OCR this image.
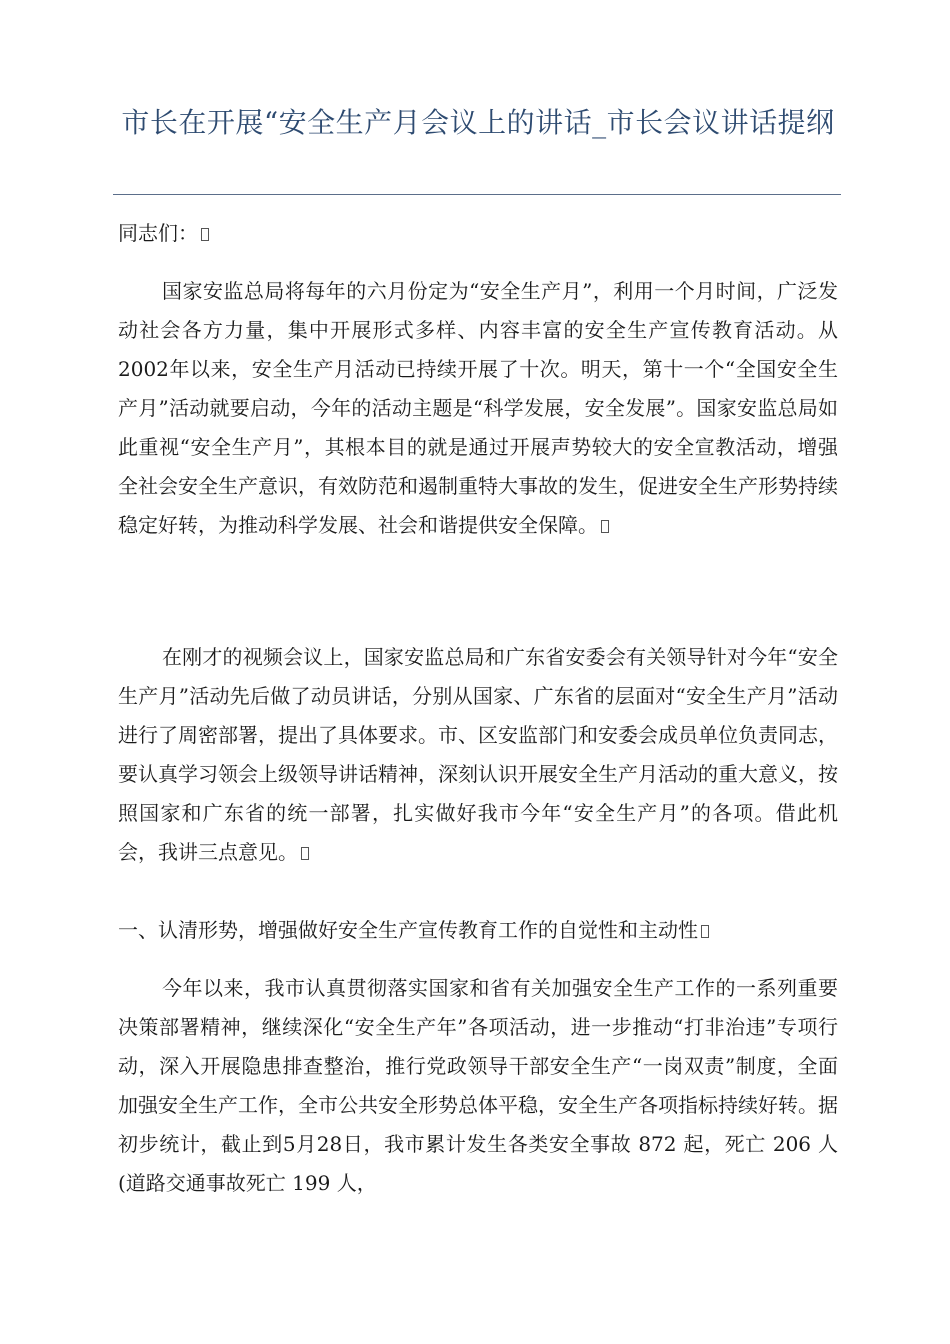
市长在开展“安全生产月会议上的讲话_市长会议讲话提纲

同志们：

国家安监总局将每年的六月份定为“安全生产月”，利用一个月时间，广泛发动社会各方力量，集中开展形式多样、内容丰富的安全生产宣传教育活动。从2002年以来，安全生产月活动已持续开展了十次。明天，第十一个“全国安全生产月”活动就要启动，今年的活动主题是“科学发展，安全发展”。国家安监总局如此重视“安全生产月”，其根本目的就是通过开展声势较大的安全宣教活动，增强全社会安全生产意识，有效防范和遏制重特大事故的发生，促进安全生产形势持续稳定好转，为推动科学发展、社会和谐提供安全保障。

在刚才的视频会议上，国家安监总局和广东省安委会有关领导针对今年“安全生产月”活动先后做了动员讲话，分别从国家、广东省的层面对“安全生产月”活动进行了周密部署，提出了具体要求。市、区安监部门和安委会成员单位负责同志，要认真学习领会上级领导讲话精神，深刻认识开展安全生产月活动的重大意义，按照国家和广东省的统一部署，扎实做好我市今年“安全生产月”的各项。借此机会，我讲三点意见。

一、认清形势，增强做好安全生产宣传教育工作的自觉性和主动性

今年以来，我市认真贯彻落实国家和省有关加强安全生产工作的一系列重要决策部署精神，继续深化“安全生产年”各项活动，进一步推动“打非治违”专项行动，深入开展隐患排查整治，推行党政领导干部安全生产“一岗双责”制度，全面加强安全生产工作，全市公共安全形势总体平稳，安全生产各项指标持续好转。据初步统计，截止到5月28日，我市累计发生各类安全事故 872 起，死亡 206 人(道路交通事故死亡 199 人，
